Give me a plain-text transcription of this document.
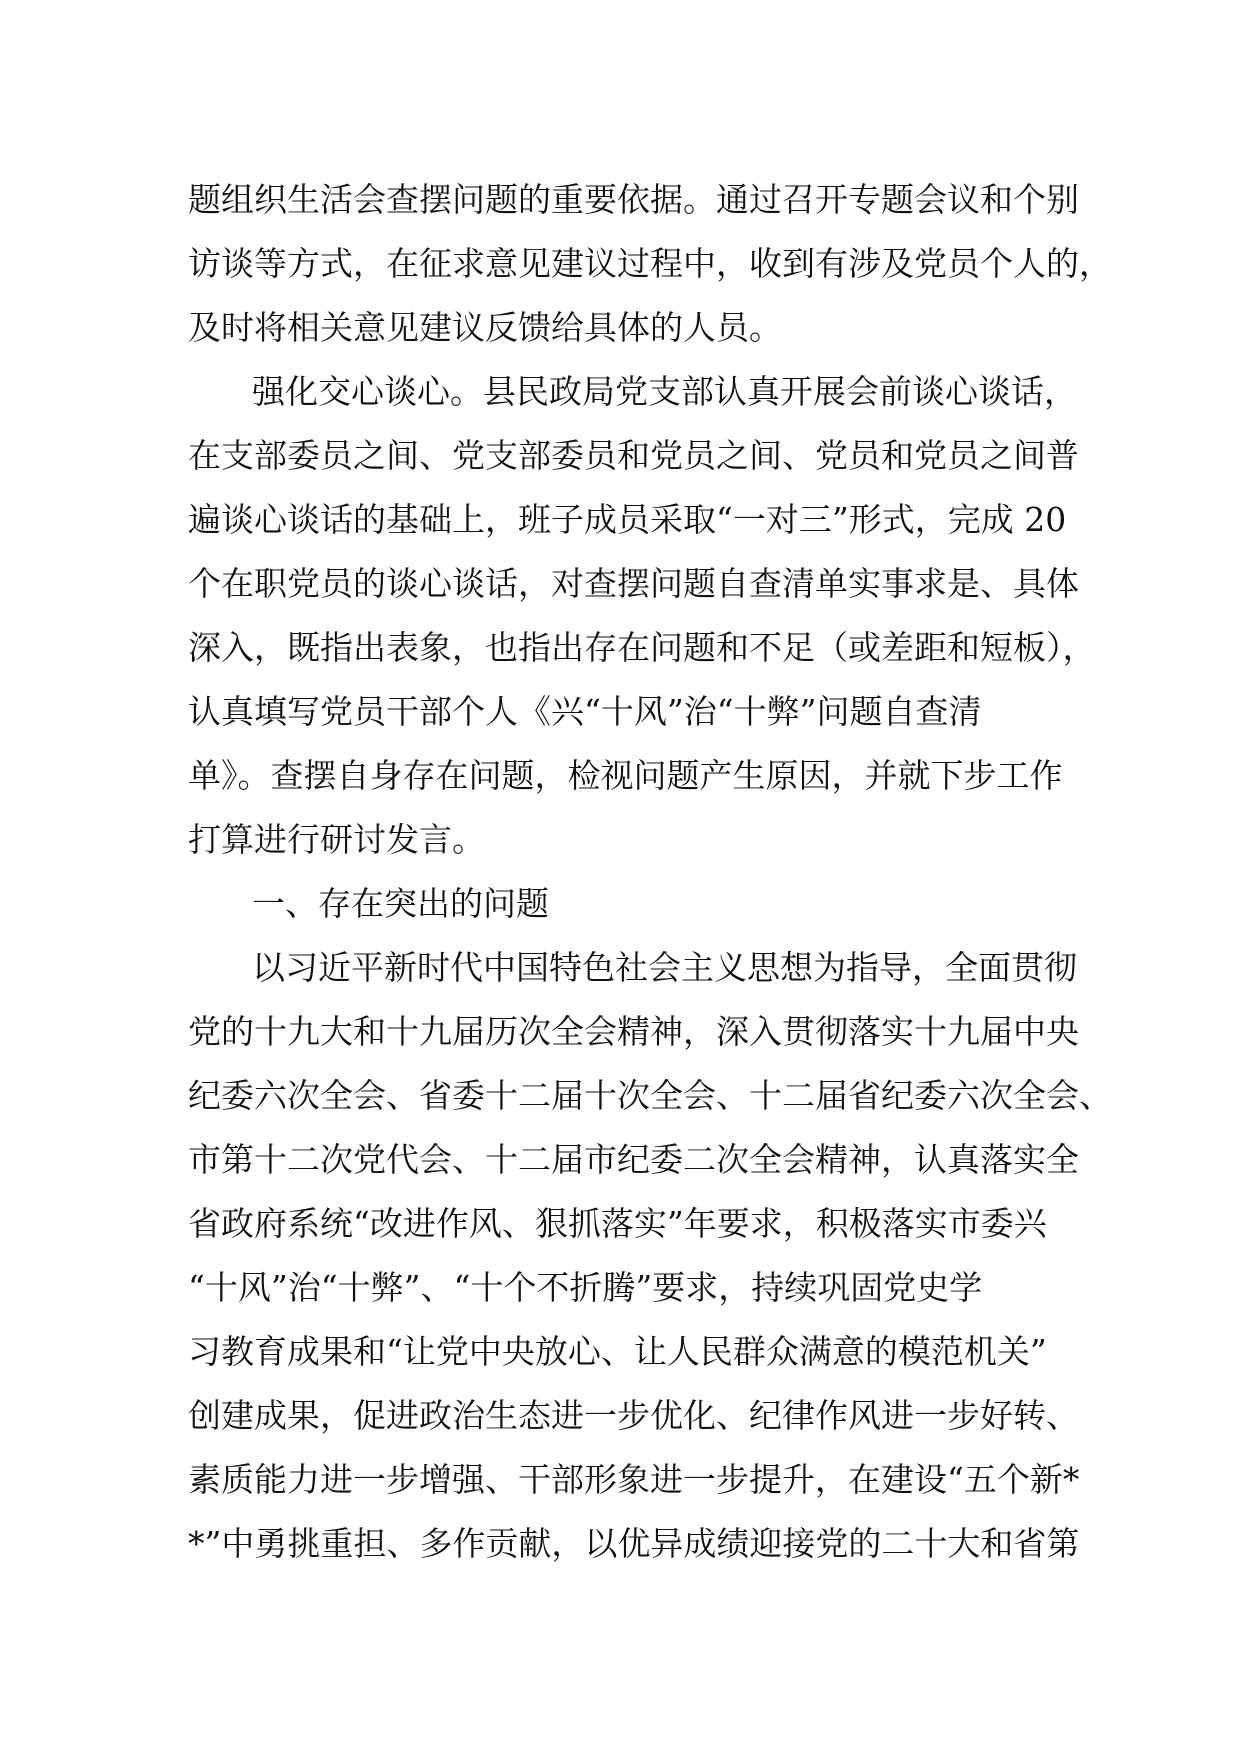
题组织生活会查摆问题的重要依据。通过召开专题会议和个别
访谈等方式，在征求意见建议过程中，收到有涉及党员个人的，
及时将相关意见建议反馈给具体的人员。
强化交心谈心。县民政局党支部认真开展会前谈心谈话，
在支部委员之间、党支部委员和党员之间、党员和党员之间普
遍谈心谈话的基础上，班子成员采取“一对三”形式，完成 20
个在职党员的谈心谈话，对查摆问题自查清单实事求是、具体
深入，既指出表象，也指出存在问题和不足（或差距和短板），
认真填写党员干部个人《兴“十风”治“十弊”问题自查清
单》。查摆自身存在问题，检视问题产生原因，并就下步工作
打算进行研讨发言。
一、存在突出的问题
以习近平新时代中国特色社会主义思想为指导，全面贯彻
党的十九大和十九届历次全会精神，深入贯彻落实十九届中央
纪委六次全会、省委十二届十次全会、十二届省纪委六次全会、
市第十二次党代会、十二届市纪委二次全会精神，认真落实全
省政府系统“改进作风、狠抓落实”年要求，积极落实市委兴
“十风”治“十弊”、“十个不折腾”要求，持续巩固党史学
习教育成果和“让党中央放心、让人民群众满意的模范机关”
创建成果，促进政治生态进一步优化、纪律作风进一步好转、
素质能力进一步增强、干部形象进一步提升，在建设“五个新*
*”中勇挑重担、多作贡献，以优异成绩迎接党的二十大和省第
